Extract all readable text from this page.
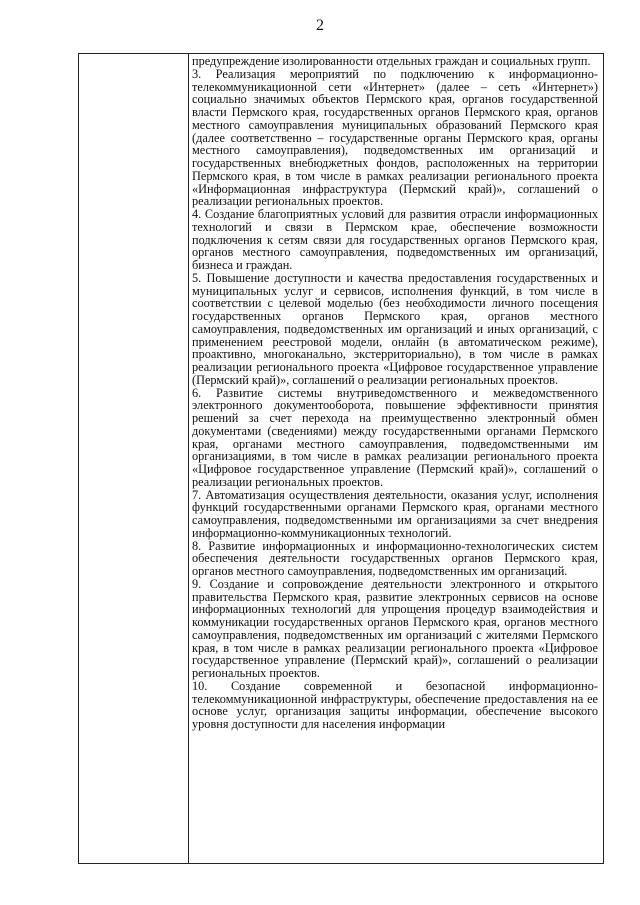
2

предупреждение изолированности отдельных граждан и социальных групп.

3. Реализация мероприятий по подключению к информационно-телекоммуникационной сети «Интернет» (далее – сеть «Интернет») социально значимых объектов Пермского края, органов государственной власти Пермского края, государственных органов Пермского края, органов местного самоуправления муниципальных образований Пермского края (далее соответственно – государственные органы Пермского края, органы местного самоуправления), подведомственных им организаций и государственных внебюджетных фондов, расположенных на территории Пермского края, в том числе в рамках реализации регионального проекта «Информационная инфраструктура (Пермский край)», соглашений о реализации региональных проектов.

4. Создание благоприятных условий для развития отрасли информационных технологий и связи в Пермском крае, обеспечение возможности подключения к сетям связи для государственных органов Пермского края, органов местного самоуправления, подведомственных им организаций, бизнеса и граждан.

5. Повышение доступности и качества предоставления государственных и муниципальных услуг и сервисов, исполнения функций, в том числе в соответствии с целевой моделью (без необходимости личного посещения государственных органов Пермского края, органов местного самоуправления, подведомственных им организаций и иных организаций, с применением реестровой модели, онлайн (в автоматическом режиме), проактивно, многоканально, экстерриториально), в том числе в рамках реализации регионального проекта «Цифровое государственное управление (Пермский край)», соглашений о реализации региональных проектов.

6. Развитие системы внутриведомственного и межведомственного электронного документооборота, повышение эффективности принятия решений за счет перехода на преимущественно электронный обмен документами (сведениями) между государственными органами Пермского края, органами местного самоуправления, подведомственными им организациями, в том числе в рамках реализации регионального проекта «Цифровое государственное управление (Пермский край)», соглашений о реализации региональных проектов.

7. Автоматизация осуществления деятельности, оказания услуг, исполнения функций государственными органами Пермского края, органами местного самоуправления, подведомственными им организациями за счет внедрения информационно-коммуникационных технологий.

8. Развитие информационных и информационно-технологических систем обеспечения деятельности государственных органов Пермского края, органов местного самоуправления, подведомственных им организаций.

9. Создание и сопровождение деятельности электронного и открытого правительства Пермского края, развитие электронных сервисов на основе информационных технологий для упрощения процедур взаимодействия и коммуникации государственных органов Пермского края, органов местного самоуправления, подведомственных им организаций с жителями Пермского края, в том числе в рамках реализации регионального проекта «Цифровое государственное управление (Пермский край)», соглашений о реализации региональных проектов.

10. Создание современной и безопасной информационно-телекоммуникационной инфраструктуры, обеспечение предоставления на ее основе услуг, организация защиты информации, обеспечение высокого уровня доступности для населения информации
